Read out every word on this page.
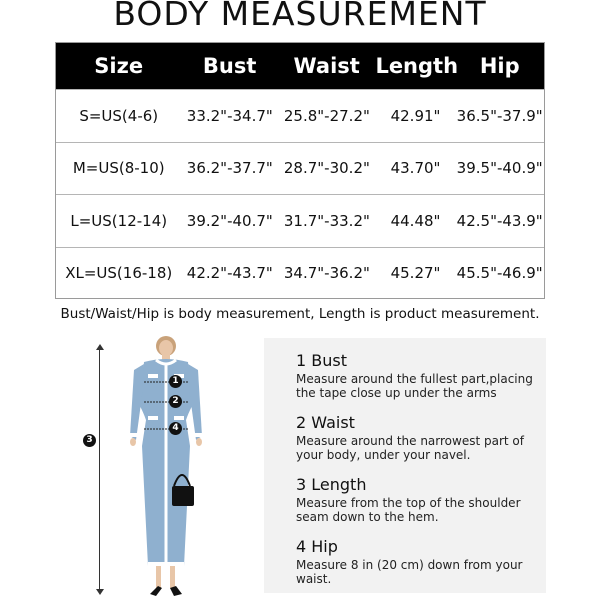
BODY MEASUREMENT
Size	Bust	Waist Length	Hip
S=US(4-6)	33.2"-34.7" 25.8"-27.2"	42.91"	36.5"-37.9"
M=US(8-10)	36.2"-37.7" 28.7"-30.2"	43.70"	39.5"-40.9"
L=US(12-14)	39.2"-40.7" 31.7"-33.2"	44.48"	42.5"-43.9"
XL=US(16-18) 42.2"-43.7" 34.7"-36.2"	45.27"	45.5"-46.9"
Bust/Waist/Hip is body measurement, Length is product measurement.
3
1
2
4
1 Bust
Measure around the fullest part,placing the tape close up under the arms
2 Waist
Measure around the narrowest part of your body, under your navel.
3 Length
Measure from the top of the shoulder seam down to the hem.
4 Hip
Measure 8 in (20 cm) down from your waist.
